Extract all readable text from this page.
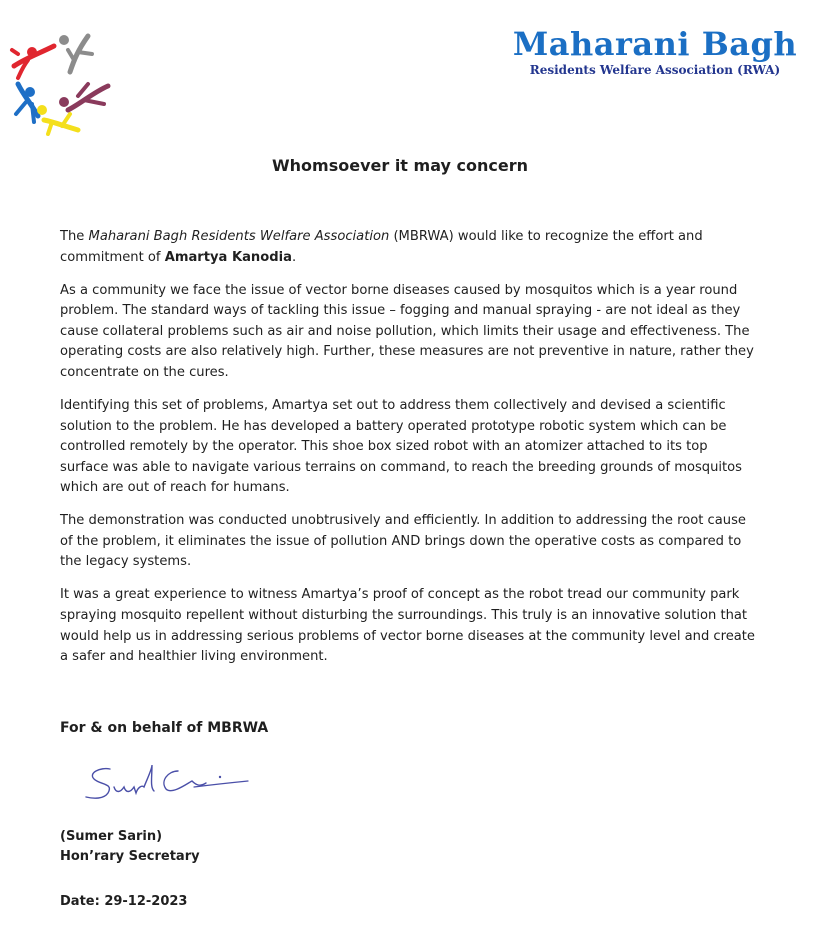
Maharani Bagh
Residents Welfare Association (RWA)
Whomsoever it may concern

The Maharani Bagh Residents Welfare Association (MBRWA) would like to recognize the effort and commitment of Amartya Kanodia.

As a community we face the issue of vector borne diseases caused by mosquitos which is a year round problem. The standard ways of tackling this issue – fogging and manual spraying - are not ideal as they cause collateral problems such as air and noise pollution, which limits their usage and effectiveness. The operating costs are also relatively high. Further, these measures are not preventive in nature, rather they concentrate on the cures.

Identifying this set of problems, Amartya set out to address them collectively and devised a scientific solution to the problem. He has developed a battery operated prototype robotic system which can be controlled remotely by the operator. This shoe box sized robot with an atomizer attached to its top surface was able to navigate various terrains on command, to reach the breeding grounds of mosquitos which are out of reach for humans.

The demonstration was conducted unobtrusively and efficiently. In addition to addressing the root cause of the problem, it eliminates the issue of pollution AND brings down the operative costs as compared to the legacy systems.

It was a great experience to witness Amartya’s proof of concept as the robot tread our community park spraying mosquito repellent without disturbing the surroundings. This truly is an innovative solution that would help us in addressing serious problems of vector borne diseases at the community level and create a safer and healthier living environment.

For & on behalf of MBRWA
(Sumer Sarin)
Hon’rary Secretary
Date: 29-12-2023
